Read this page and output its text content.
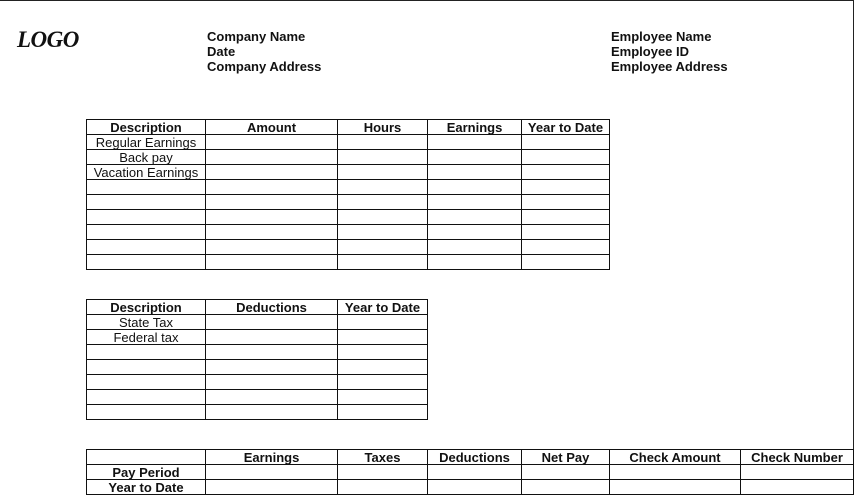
LOGO	Company Name
Date
Company Address
Employee Name
Employee ID
Employee Address
Description	Amount	Hours	Earnings	Year to Date
Regular Earnings				
Back pay				
Vacation Earnings				

Description	Deductions	Year to Date
State Tax		
Federal tax		

	Earnings	Taxes	Deductions	Net Pay	Check Amount	Check Number
Pay Period						
Year to Date						
